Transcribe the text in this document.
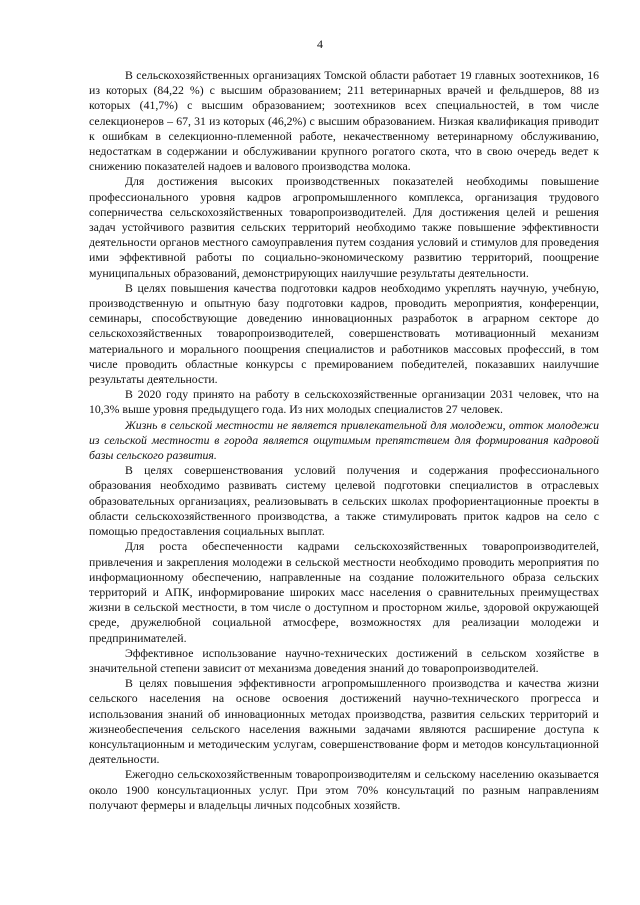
4

В сельскохозяйственных организациях Томской области работает 19 главных зоотехников, 16 из которых (84,22 %) с высшим образованием; 211 ветеринарных врачей и фельдшеров, 88 из которых (41,7%) с высшим образованием; зоотехников всех специальностей, в том числе селекционеров – 67, 31 из которых (46,2%) с высшим образованием. Низкая квалификация приводит к ошибкам в селекционно-племенной работе, некачественному ветеринарному обслуживанию, недостаткам в содержании и обслуживании крупного рогатого скота, что в свою очередь ведет к снижению показателей надоев и валового производства молока.

Для достижения высоких производственных показателей необходимы повышение профессионального уровня кадров агропромышленного комплекса, организация трудового соперничества сельскохозяйственных товаропроизводителей. Для достижения целей и решения задач устойчивого развития сельских территорий необходимо также повышение эффективности деятельности органов местного самоуправления путем создания условий и стимулов для проведения ими эффективной работы по социально-экономическому развитию территорий, поощрение муниципальных образований, демонстрирующих наилучшие результаты деятельности.

В целях повышения качества подготовки кадров необходимо укреплять научную, учебную, производственную и опытную базу подготовки кадров, проводить мероприятия, конференции, семинары, способствующие доведению инновационных разработок в аграрном секторе до сельскохозяйственных товаропроизводителей, совершенствовать мотивационный механизм материального и морального поощрения специалистов и работников массовых профессий, в том числе проводить областные конкурсы с премированием победителей, показавших наилучшие результаты деятельности.

В 2020 году принято на работу в сельскохозяйственные организации 2031 человек, что на 10,3% выше уровня предыдущего года. Из них молодых специалистов 27 человек.

Жизнь в сельской местности не является привлекательной для молодежи, отток молодежи из сельской местности в города является ощутимым препятствием для формирования кадровой базы сельского развития.

В целях совершенствования условий получения и содержания профессионального образования необходимо развивать систему целевой подготовки специалистов в отраслевых образовательных организациях, реализовывать в сельских школах профориентационные проекты в области сельскохозяйственного производства, а также стимулировать приток кадров на село с помощью предоставления социальных выплат.

Для роста обеспеченности кадрами сельскохозяйственных товаропроизводителей, привлечения и закрепления молодежи в сельской местности необходимо проводить мероприятия по информационному обеспечению, направленные на создание положительного образа сельских территорий и АПК, информирование широких масс населения о сравнительных преимуществах жизни в сельской местности, в том числе о доступном и просторном жилье, здоровой окружающей среде, дружелюбной социальной атмосфере, возможностях для реализации молодежи и предпринимателей.

Эффективное использование научно-технических достижений в сельском хозяйстве в значительной степени зависит от механизма доведения знаний до товаропроизводителей.

В целях повышения эффективности агропромышленного производства и качества жизни сельского населения на основе освоения достижений научно-технического прогресса и использования знаний об инновационных методах производства, развития сельских территорий и жизнеобеспечения сельского населения важными задачами являются расширение доступа к консультационным и методическим услугам, совершенствование форм и методов консультационной деятельности.

Ежегодно сельскохозяйственным товаропроизводителям и сельскому населению оказывается около 1900 консультационных услуг. При этом 70% консультаций по разным направлениям получают фермеры и владельцы личных подсобных хозяйств.
